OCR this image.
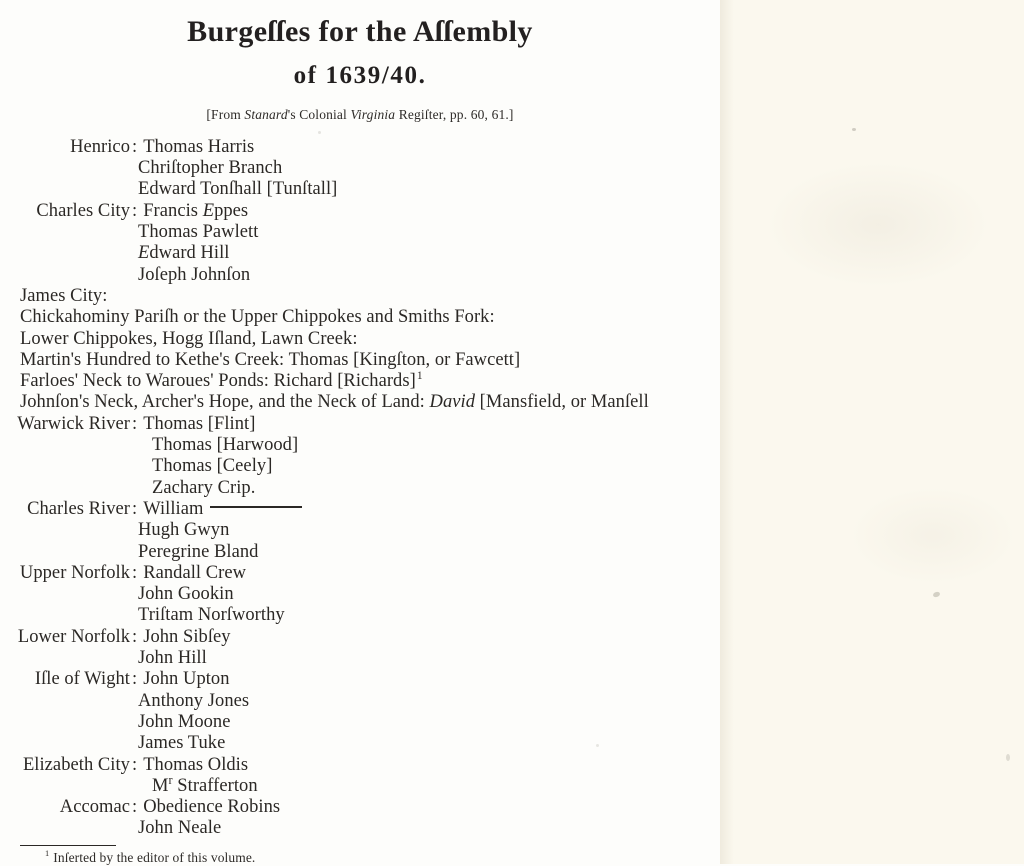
Burgeſſes for the Aſſembly
of 1639/40.

[From Stanard's Colonial Virginia Regiſter, pp. 60, 61.]

Henrico : Thomas Harris
Chriſtopher Branch
Edward Tonſhall [Tunſtall]
Charles City : Francis Eppes
Thomas Pawlett
Edward Hill
Joſeph Johnſon
James City:
Chickahominy Pariſh or the Upper Chippokes and Smiths Fork:
Lower Chippokes, Hogg Iſland, Lawn Creek:
Martin's Hundred to Kethe's Creek: Thomas [Kingſton, or Fawcett]
Farloes' Neck to Waroues' Ponds: Richard [Richards]$^1$
Johnſon's Neck, Archer's Hope, and the Neck of Land: David [Mansfield, or Manſell
Warwick River : Thomas [Flint]
Thomas [Harwood]
Thomas [Ceely]
Zachary Crip.
Charles River : William
Hugh Gwyn
Peregrine Bland
Upper Norfolk : Randall Crew
John Gookin
Triſtam Norſworthy
Lower Norfolk : John Sibſey
John Hill
Iſle of Wight : John Upton
Anthony Jones
John Moone
James Tuke
Elizabeth City : Thomas Oldis
$M^r$ Strafferton
Accomac : Obedience Robins
John Neale

$^1$ Inſerted by the editor of this volume.
